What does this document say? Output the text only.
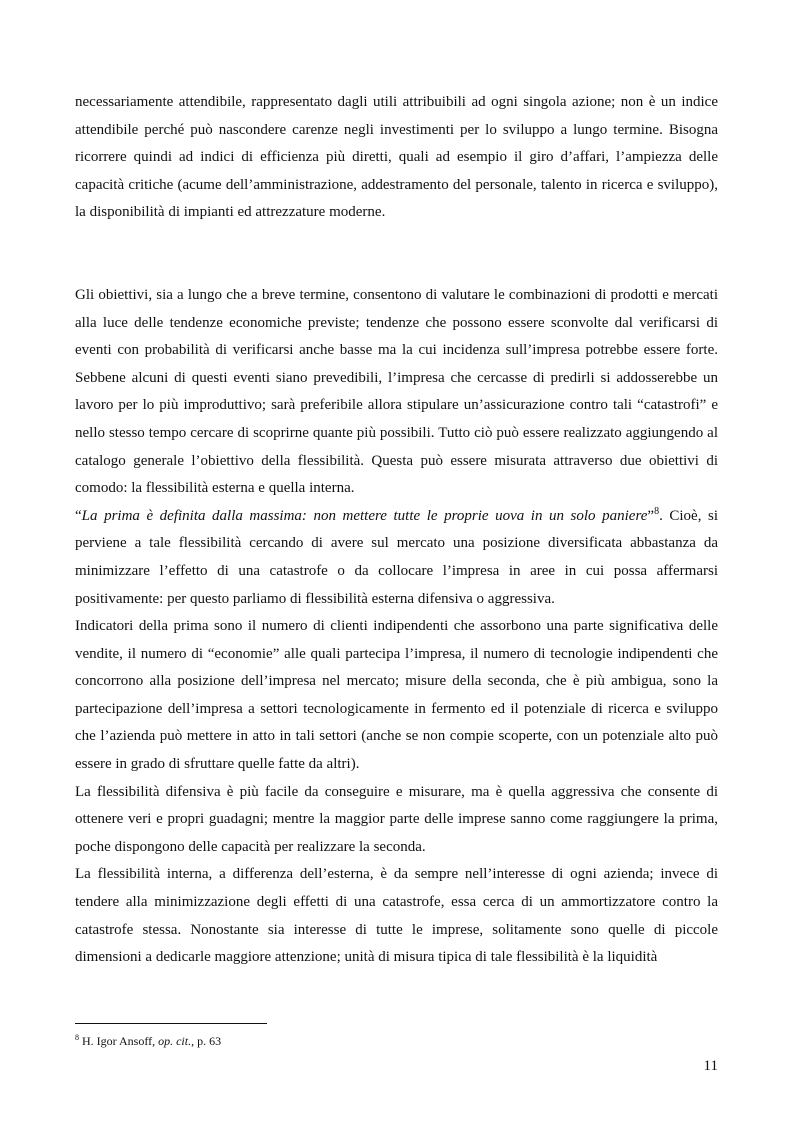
necessariamente attendibile, rappresentato dagli utili attribuibili ad ogni singola azione; non è un indice attendibile perché può nascondere carenze negli investimenti per lo sviluppo a lungo termine. Bisogna ricorrere quindi ad indici di efficienza più diretti, quali ad esempio il giro d’affari, l’ampiezza delle capacità critiche (acume dell’amministrazione, addestramento del personale, talento in ricerca e sviluppo), la disponibilità di impianti ed attrezzature moderne.

Gli obiettivi, sia a lungo che a breve termine, consentono di valutare le combinazioni di prodotti e mercati alla luce delle tendenze economiche previste; tendenze che possono essere sconvolte dal verificarsi di eventi con probabilità di verificarsi anche basse ma la cui incidenza sull’impresa potrebbe essere forte. Sebbene alcuni di questi eventi siano prevedibili, l’impresa che cercasse di predirli si addosserebbe un lavoro per lo più improduttivo; sarà preferibile allora stipulare un’assicurazione contro tali “catastrofi” e nello stesso tempo cercare di scoprirne quante più possibili. Tutto ciò può essere realizzato aggiungendo al catalogo generale l’obiettivo della flessibilità. Questa può essere misurata attraverso due obiettivi di comodo: la flessibilità esterna e quella interna.

“La prima è definita dalla massima: non mettere tutte le proprie uova in un solo paniere”$^8$. Cioè, si perviene a tale flessibilità cercando di avere sul mercato una posizione diversificata abbastanza da minimizzare l’effetto di una catastrofe o da collocare l’impresa in aree in cui possa affermarsi positivamente: per questo parliamo di flessibilità esterna difensiva o aggressiva.

Indicatori della prima sono il numero di clienti indipendenti che assorbono una parte significativa delle vendite, il numero di “economie” alle quali partecipa l’impresa, il numero di tecnologie indipendenti che concorrono alla posizione dell’impresa nel mercato; misure della seconda, che è più ambigua, sono la partecipazione dell’impresa a settori tecnologicamente in fermento ed il potenziale di ricerca e sviluppo che l’azienda può mettere in atto in tali settori (anche se non compie scoperte, con un potenziale alto può essere in grado di sfruttare quelle fatte da altri).

La flessibilità difensiva è più facile da conseguire e misurare, ma è quella aggressiva che consente di ottenere veri e propri guadagni; mentre la maggior parte delle imprese sanno come raggiungere la prima, poche dispongono delle capacità per realizzare la seconda.

La flessibilità interna, a differenza dell’esterna, è da sempre nell’interesse di ogni azienda; invece di tendere alla minimizzazione degli effetti di una catastrofe, essa cerca di un ammortizzatore contro la catastrofe stessa. Nonostante sia interesse di tutte le imprese, solitamente sono quelle di piccole dimensioni a dedicarle maggiore attenzione; unità di misura tipica di tale flessibilità è la liquidità

$^8$ H. Igor Ansoff, op. cit., p. 63
11
